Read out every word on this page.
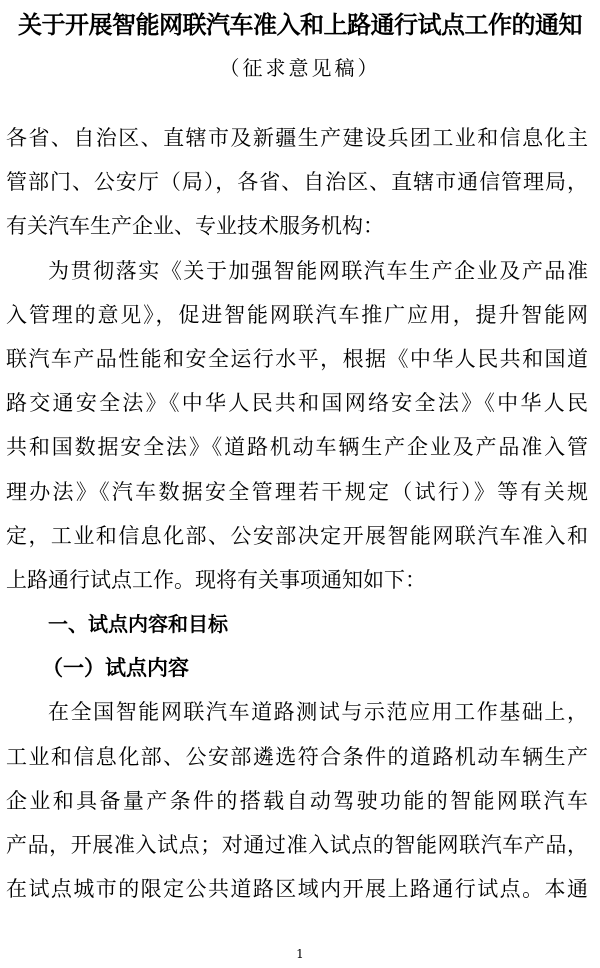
关于开展智能网联汽车准入和上路通行试点工作的通知
（征求意见稿）
各省、自治区、直辖市及新疆生产建设兵团工业和信息化主
管部门、公安厅（局），各省、自治区、直辖市通信管理局，
有关汽车生产企业、专业技术服务机构：
为贯彻落实《关于加强智能网联汽车生产企业及产品准
入管理的意见》，促进智能网联汽车推广应用，提升智能网
联汽车产品性能和安全运行水平，根据《中华人民共和国道
路交通安全法》《中华人民共和国网络安全法》《中华人民
共和国数据安全法》《道路机动车辆生产企业及产品准入管
理办法》《汽车数据安全管理若干规定（试行）》等有关规
定，工业和信息化部、公安部决定开展智能网联汽车准入和
上路通行试点工作。现将有关事项通知如下：
一、试点内容和目标
（一）试点内容
在全国智能网联汽车道路测试与示范应用工作基础上，
工业和信息化部、公安部遴选符合条件的道路机动车辆生产
企业和具备量产条件的搭载自动驾驶功能的智能网联汽车
产品，开展准入试点；对通过准入试点的智能网联汽车产品，
在试点城市的限定公共道路区域内开展上路通行试点。本通
1
